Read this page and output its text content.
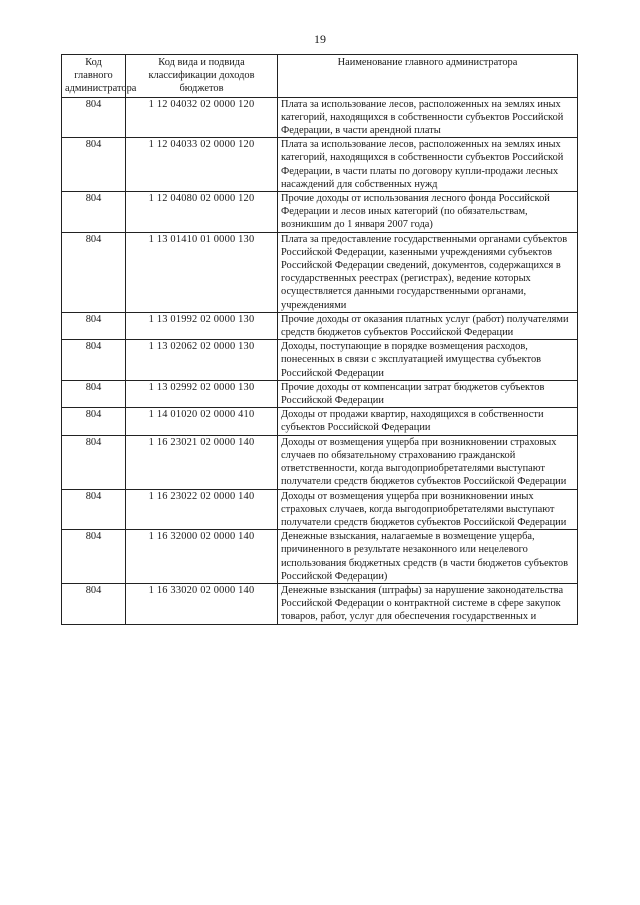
19
Код главного администратора	Код вида и подвида классификации доходов бюджетов	Наименование главного администратора
804	1 12 04032 02 0000 120	Плата за использование лесов, расположенных на землях иных категорий, находящихся в собственности субъектов Российской Федерации, в части арендной платы
804	1 12 04033 02 0000 120	Плата за использование лесов, расположенных на землях иных категорий, находящихся в собственности субъектов Российской Федерации, в части платы по договору купли-продажи лесных насаждений для собственных нужд
804	1 12 04080 02 0000 120	Прочие доходы от использования лесного фонда Российской Федерации и лесов иных категорий (по обязательствам, возникшим до 1 января 2007 года)
804	1 13 01410 01 0000 130	Плата за предоставление государственными органами субъектов Российской Федерации, казенными учреждениями субъектов Российской Федерации сведений, документов, содержащихся в государственных реестрах (регистрах), ведение которых осуществляется данными государственными органами, учреждениями
804	1 13 01992 02 0000 130	Прочие доходы от оказания платных услуг (работ) получателями средств бюджетов субъектов Российской Федерации
804	1 13 02062 02 0000 130	Доходы, поступающие в порядке возмещения расходов, понесенных в связи с эксплуатацией имущества субъектов Российской Федерации
804	1 13 02992 02 0000 130	Прочие доходы от компенсации затрат бюджетов субъектов Российской Федерации
804	1 14 01020 02 0000 410	Доходы от продажи квартир, находящихся в собственности субъектов Российской Федерации
804	1 16 23021 02 0000 140	Доходы от возмещения ущерба при возникновении страховых случаев по обязательному страхованию гражданской ответственности, когда выгодоприобретателями выступают получатели средств бюджетов субъектов Российской Федерации
804	1 16 23022 02 0000 140	Доходы от возмещения ущерба при возникновении иных страховых случаев, когда выгодоприобретателями выступают получатели средств бюджетов субъектов Российской Федерации
804	1 16 32000 02 0000 140	Денежные взыскания, налагаемые в возмещение ущерба, причиненного в результате незаконного или нецелевого использования бюджетных средств (в части бюджетов субъектов Российской Федерации)
804	1 16 33020 02 0000 140	Денежные взыскания (штрафы) за нарушение законодательства Российской Федерации о контрактной системе в сфере закупок товаров, работ, услуг для обеспечения государственных и
